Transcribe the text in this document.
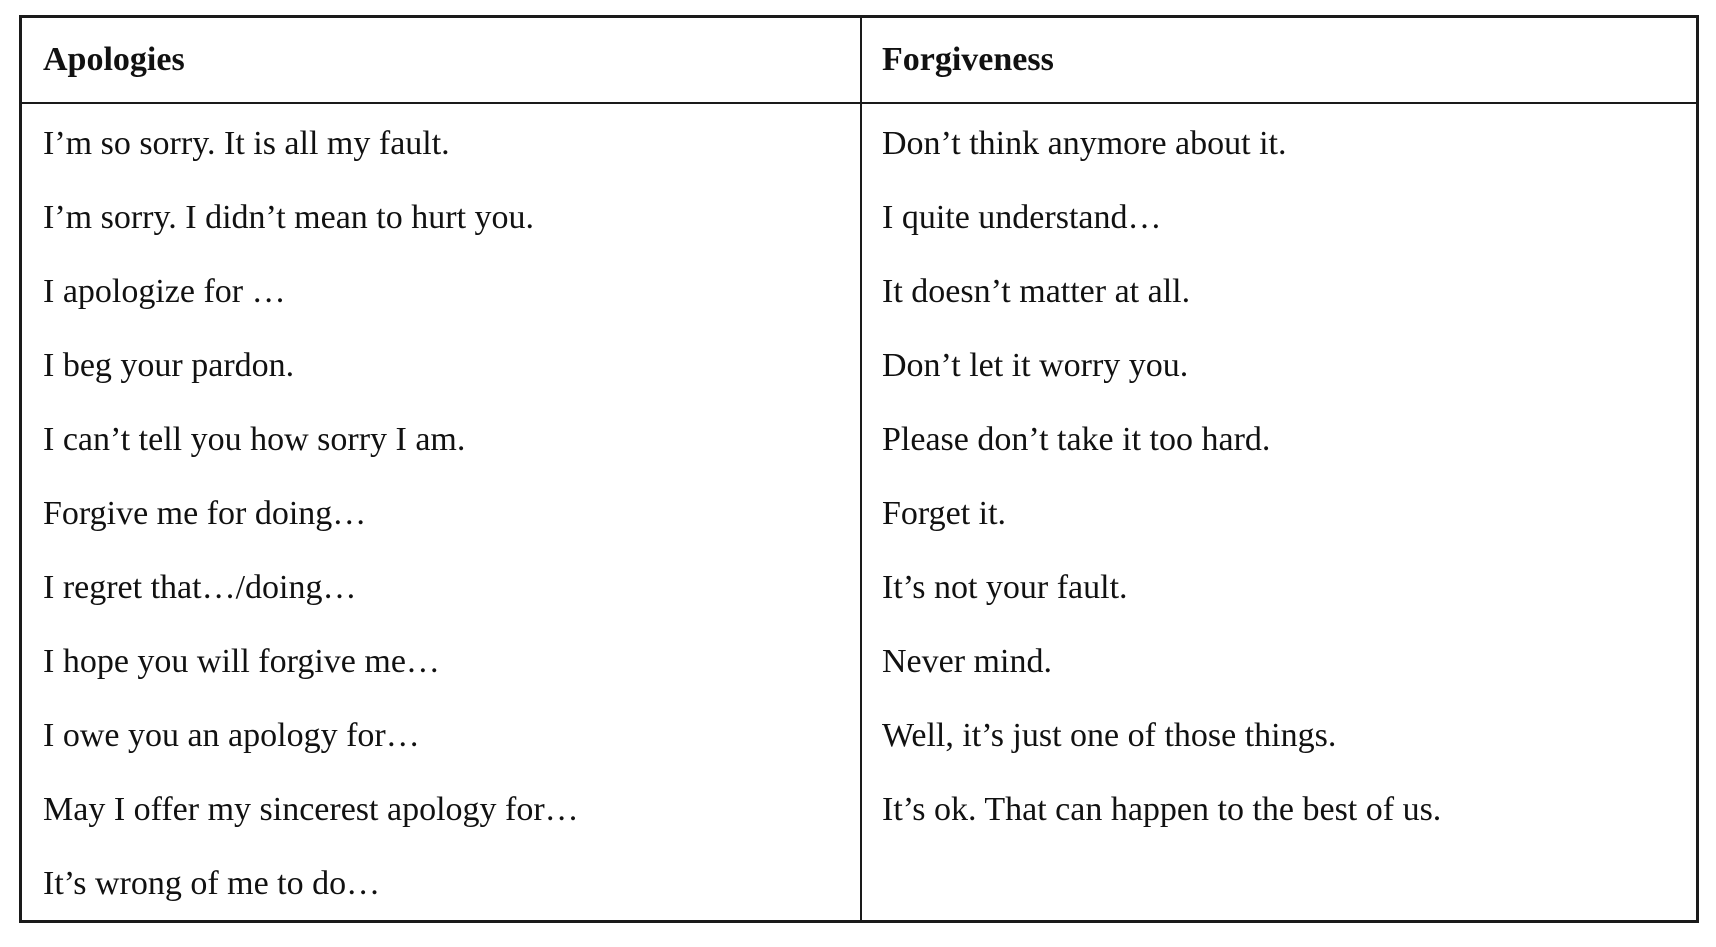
Apologies
I’m so sorry. It is all my fault.
I’m sorry. I didn’t mean to hurt you.
I apologize for …
I beg your pardon.
I can’t tell you how sorry I am.
Forgive me for doing…
I regret that…/doing…
I hope you will forgive me…
I owe you an apology for…
May I offer my sincerest apology for…
It’s wrong of me to do…
Forgiveness
Don’t think anymore about it.
I quite understand…
It doesn’t matter at all.
Don’t let it worry you.
Please don’t take it too hard.
Forget it.
It’s not your fault.
Never mind.
Well, it’s just one of those things.
It’s ok. That can happen to the best of us.
